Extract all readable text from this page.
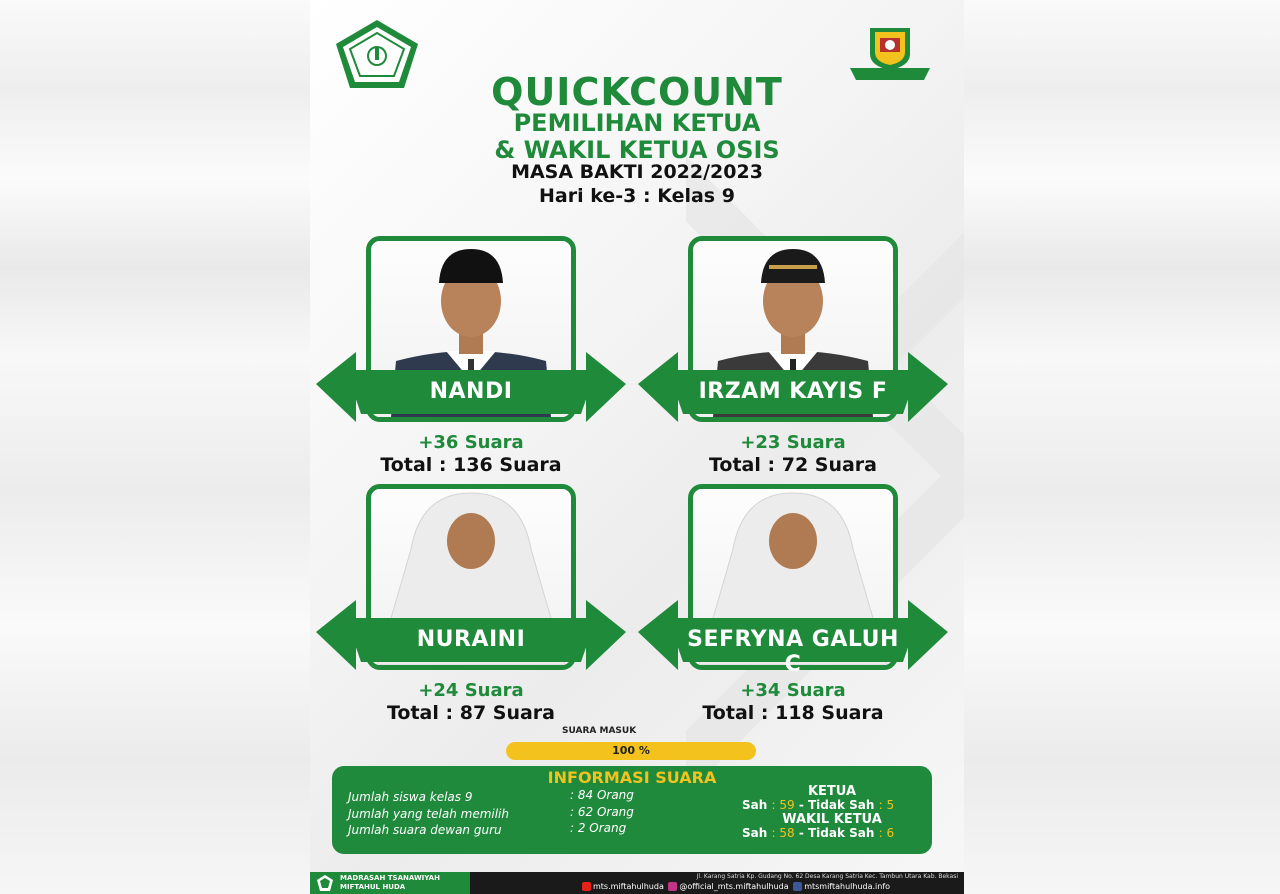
QUICKCOUNT
PEMILIHAN KETUA
& WAKIL KETUA OSIS
MASA BAKTI 2022/2023
Hari ke-3 : Kelas 9
NANDI
+36 Suara
Total : 136 Suara
IRZAM KAYIS F
+23 Suara
Total : 72 Suara
NURAINI
+24 Suara
Total : 87 Suara
SEFRYNA GALUH C
+34 Suara
Total : 118 Suara
SUARA MASUK
100 %
INFORMASI SUARA
Jumlah siswa kelas 9	: 84 Orang
Jumlah yang telah memilih	: 62 Orang
Jumlah suara dewan guru	: 2 Orang
KETUA
Sah : 59 - Tidak Sah : 5
WAKIL KETUA
Sah : 58 - Tidak Sah : 6
MADRASAH TSANAWIYAH
MIFTAHUL HUDA
Jl. Karang Satria Kp. Gudang No. 62 Desa Karang Satria Kec. Tambun Utara Kab. Bekasi
mts.miftahulhuda @official_mts.miftahulhuda mtsmiftahulhuda.info
